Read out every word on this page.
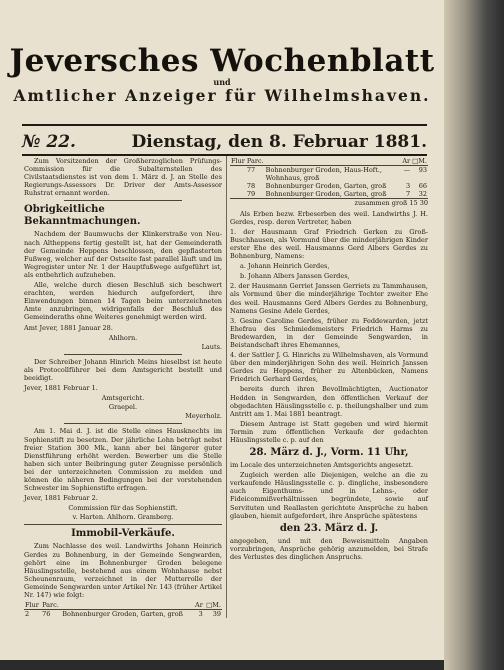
Jeversches Wochenblatt
und
Amtlicher Anzeiger für Wilhelmshaven.
№ 22.	Dienstag, den 8. Februar 1881.

Zum Vorsitzenden der Großherzoglichen Prüfungs-Commission für die Subalternstellen des Civilstaatsdienstes ist von dem 1. März d. J. an Stelle des Regierungs-Assessors Dr. Driver der Amts-Assessor Ruhstrat ernannt worden.

Obrigkeitliche Bekanntmachungen.

Nachdem der Baumwuchs der Klinkerstraße von Neu-nach Altheppens fertig gestellt ist, hat der Gemeinderath der Gemeinde Heppens beschlossen, den gepflasterten Fußweg, welcher auf der Ostseite fast parallel läuft und im Wegregister unter Nr. 1 der Hauptfußwege aufgeführt ist, als entbehrlich aufzuheben.

Alle, welche durch diesen Beschluß sich beschwert erachten, werden hiedurch aufgefordert, ihre Einwendungen binnen 14 Tagen beim unterzeichneten Amte anzubringen, widrigenfalls der Beschluß des Gemeinderaths ohne Weiteres genehmigt werden wird.

Amt Jever, 1881 Januar 28.

Ahlhorn.

Lauts.

Der Schreiber Johann Hinrich Meins hieselbst ist heute als Protocollführer bei dem Amtsgericht bestellt und beeidigt.

Jever, 1881 Februar 1.

Amtsgericht.

Graepel.

Meyerholz.

Am 1. Mai d. J. ist die Stelle eines Hausknechts im Sophienstift zu besetzen. Der jährliche Lohn beträgt nebst freier Station 300 Mk., kann aber bei längerer guter Dienstführung erhöht werden. Bewerber um die Stelle haben sich unter Beibringung guter Zeugnisse persönlich bei der unterzeichneten Commission zu melden und können die näheren Bedingungen bei der vorstehenden Schwester im Sophienstifte erfragen.

Jever, 1881 Februar 2.

Commission für das Sophienstift.

v. Harten. Ahlhorn. Gramberg.

Immobil-Verkäufe.

Zum Nachlasse des weil. Landwirths Johann Heinrich Gerdes zu Bohnenburg, in der Gemeinde Sengwarden, gehört eine im Bohnenburger Groden belegene Häuslingsstelle, bestehend aus einem Wohnhause nebst Scheunenraum, verzeichnet in der Mutterrolle der Gemeinde Sengwarden unter Artikel Nr. 143 (früher Artikel Nr. 147) wie folgt:

Flur	Parc.		Ar	□M.
2	76	Bohnenburger Groden, Garten, groß	3	39
Flur	Parc.		Ar	□M.
	77	Bohnenburger Groden, Haus-Hoft., Wohnhaus, groß	—	93
	78	Bohnenburger Groden, Garten, groß	3	66
	79	Bohnenburger Groden, Garten, groß	7	32

zusammen groß 15 30

Als Erben bezw. Erbeserben des weil. Landwirths J. H. Gerdes, resp. deren Vertreter, haben

1. der Hausmann Graf Friedrich Gerken zu Groß-Buschhausen, als Vormund über die minderjährigen Kinder erster Ehe des weil. Hausmanns Gerd Albers Gerdes zu Bohnenburg, Namens:

a. Johann Heinrich Gerdes,

b. Johann Albers Janssen Gerdes,

2. der Hausmann Gerriet Janssen Gerriets zu Tammhausen, als Vormund über die minderjährige Tochter zweiter Ehe des weil. Hausmanns Gerd Albers Gerdes zu Bohnenburg, Namens Gesine Adele Gerdes,

3. Gesine Caroline Gerdes, früher zu Feddewarden, jetzt Ehefrau des Schmiedemeisters Friedrich Harms zu Bredewarden, in der Gemeinde Sengwarden, in Beistandschaft ihres Ehemannes,

4. der Sattler J. G. Hinrichs zu Wilhelmshaven, als Vormund über den minderjährigen Sohn des weil. Heinrich Janssen Gerdes zu Heppens, früher zu Altenbücken, Namens Friedrich Gerhard Gerdes,

bereits durch ihren Bevollmächtigten, Auctionator Hedden in Sengwarden, den öffentlichen Verkauf der obgedachten Häuslingsstelle c. p. theilungshalber und zum Antritt am 1. Mai 1881 beantragt.

Diesem Antrage ist Statt gegeben und wird hiermit Termin zum öffentlichen Verkaufe der gedachten Häuslingsstelle c. p. auf den

28. März d. J., Vorm. 11 Uhr,

im Locale des unterzeichneten Amtsgerichts angesetzt.

Zugleich werden alle Diejenigen, welche an die zu verkaufende Häuslingsstelle c. p. dingliche, insbesondere auch Eigenthums- und in Lehns-, oder Fideicommißverhältnissen begründete, sowie auf Servituten und Reallasten gerichtete Ansprüche zu haben glauben, hiemit aufgefordert, ihre Ansprüche spätestens

den 23. März d. J.

angegeben, und mit den Beweismitteln Angaben vorzubringen, Ansprüche gehörig anzumelden, bei Strafe des Verlustes des dinglichen Anspruchs.
